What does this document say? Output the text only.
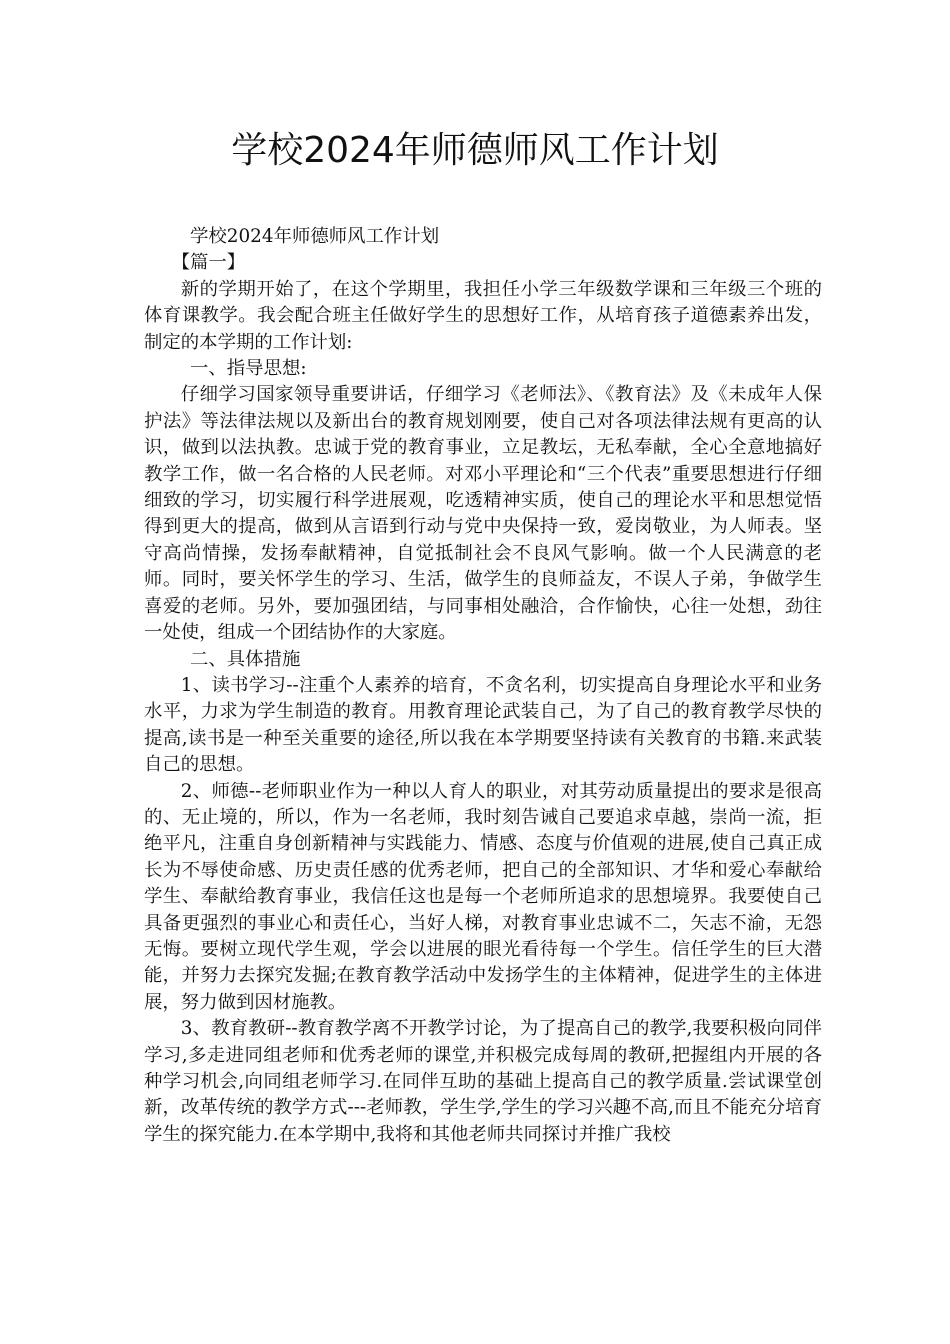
学校2024年师德师风工作计划

学校2024年师德师风工作计划

【篇一】

新的学期开始了，在这个学期里，我担任小学三年级数学课和三年级三个班的体育课教学。我会配合班主任做好学生的思想好工作，从培育孩子道德素养出发，制定的本学期的工作计划:

一、指导思想:

仔细学习国家领导重要讲话，仔细学习《老师法》、《教育法》及《未成年人保护法》等法律法规以及新出台的教育规划刚要，使自己对各项法律法规有更高的认识，做到以法执教。忠诚于党的教育事业，立足教坛，无私奉献，全心全意地搞好教学工作，做一名合格的人民老师。对邓小平理论和“三个代表”重要思想进行仔细细致的学习，切实履行科学进展观，吃透精神实质，使自己的理论水平和思想觉悟得到更大的提高，做到从言语到行动与党中央保持一致，爱岗敬业，为人师表。坚守高尚情操，发扬奉献精神，自觉抵制社会不良风气影响。做一个人民满意的老师。同时，要关怀学生的学习、生活，做学生的良师益友，不误人子弟，争做学生喜爱的老师。另外，要加强团结，与同事相处融洽，合作愉快，心往一处想，劲往一处使，组成一个团结协作的大家庭。

二、具体措施

1、读书学习--注重个人素养的培育，不贪名利，切实提高自身理论水平和业务水平，力求为学生制造的教育。用教育理论武装自己，为了自己的教育教学尽快的提高,读书是一种至关重要的途径,所以我在本学期要坚持读有关教育的书籍.来武装自己的思想。

2、师德--老师职业作为一种以人育人的职业，对其劳动质量提出的要求是很高的、无止境的，所以，作为一名老师，我时刻告诫自己要追求卓越，崇尚一流，拒绝平凡，注重自身创新精神与实践能力、情感、态度与价值观的进展,使自己真正成长为不辱使命感、历史责任感的优秀老师，把自己的全部知识、才华和爱心奉献给学生、奉献给教育事业，我信任这也是每一个老师所追求的思想境界。我要使自己具备更强烈的事业心和责任心，当好人梯，对教育事业忠诚不二，矢志不渝，无怨无悔。要树立现代学生观，学会以进展的眼光看待每一个学生。信任学生的巨大潜能，并努力去探究发掘;在教育教学活动中发扬学生的主体精神，促进学生的主体进展，努力做到因材施教。

3、教育教研--教育教学离不开教学讨论，为了提高自己的教学,我要积极向同伴学习,多走进同组老师和优秀老师的课堂,并积极完成每周的教研,把握组内开展的各种学习机会,向同组老师学习.在同伴互助的基础上提高自己的教学质量.尝试课堂创新，改革传统的教学方式---老师教，学生学,学生的学习兴趣不高,而且不能充分培育学生的探究能力.在本学期中,我将和其他老师共同探讨并推广我校
